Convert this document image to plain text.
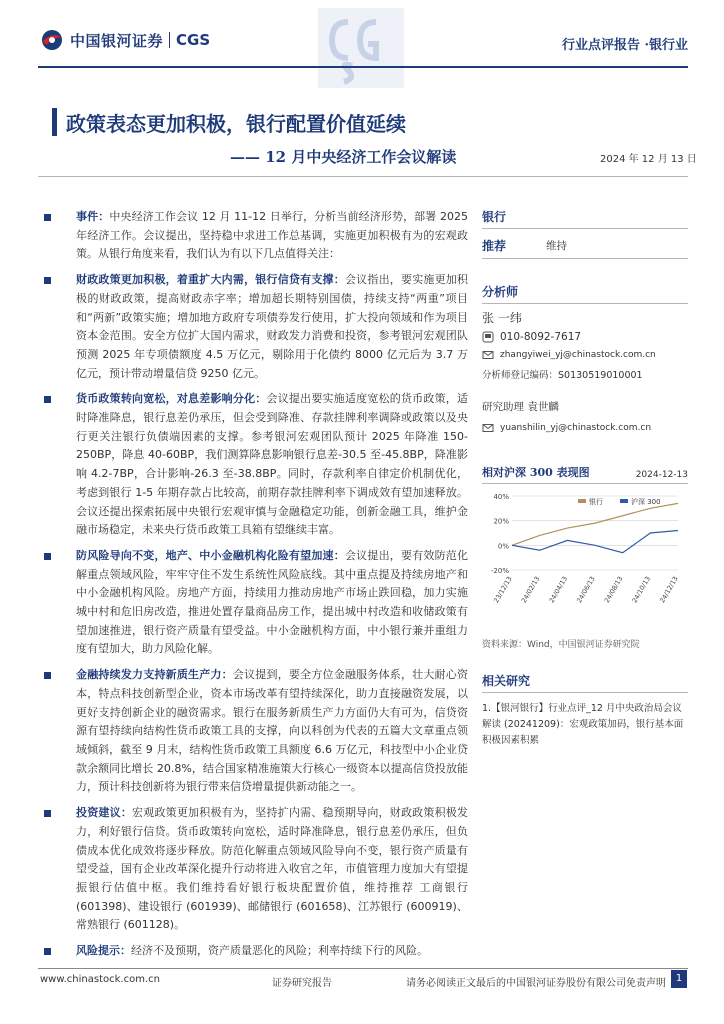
中国银河证券 CGS	行业点评报告 ·银行业
政策表态更加积极，银行配置价值延续
—— 12 月中央经济工作会议解读	2024 年 12 月 13 日
事件：中央经济工作会议 12 月 11-12 日举行，分析当前经济形势，部署 2025 年经济工作。会议提出，坚持稳中求进工作总基调，实施更加积极有为的宏观政策。从银行角度来看，我们认为有以下几点值得关注：
财政政策更加积极，着重扩大内需，银行信贷有支撑：会议指出，要实施更加积极的财政政策，提高财政赤字率；增加超长期特别国债，持续支持“两重”项目和“两新”政策实施；增加地方政府专项债券发行使用，扩大投向领域和作为项目资本金范围。安全方位扩大国内需求，财政发力消费和投资，参考银河宏观团队预测 2025 年专项债额度 4.5 万亿元，剔除用于化债约 8000 亿元后为 3.7 万亿元，预计带动增量信贷 9250 亿元。
货币政策转向宽松，对息差影响分化：会议提出要实施适度宽松的货币政策，适时降准降息，银行息差仍承压，但会受到降准、存款挂牌利率调降或政策以及央行更关注银行负债端因素的支撑。参考银河宏观团队预计 2025 年降准 150-250BP，降息 40-60BP，我们测算降息影响银行息差-30.5 至-45.8BP，降准影响 4.2-7BP，合计影响-26.3 至-38.8BP。同时，存款利率自律定价机制优化，考虑到银行 1-5 年期存款占比较高，前期存款挂牌利率下调成效有望加速释放。会议还提出探索拓展中央银行宏观审慎与金融稳定功能，创新金融工具，维护金融市场稳定，未来央行货币政策工具箱有望继续丰富。
防风险导向不变，地产、中小金融机构化险有望加速：会议提出，要有效防范化解重点领域风险，牢牢守住不发生系统性风险底线。其中重点提及持续房地产和中小金融机构风险。房地产方面，持续用力推动房地产市场止跌回稳，加力实施城中村和危旧房改造，推进处置存量商品房工作，提出城中村改造和收储政策有望加速推进，银行资产质量有望受益。中小金融机构方面，中小银行兼并重组力度有望加大，助力风险化解。
金融持续发力支持新质生产力：会议提到，要全方位金融服务体系，壮大耐心资本，特点科技创新型企业，资本市场改革有望持续深化，助力直接融资发展，以更好支持创新企业的融资需求。银行在服务新质生产力方面仍大有可为，信贷资源有望持续向结构性货币政策工具的支撑，向以科创为代表的五篇大文章重点领域倾斜，截至 9 月末，结构性货币政策工具额度 6.6 万亿元，科技型中小企业贷款余额同比增长 20.8%，结合国家精准施策大行核心一级资本以提高信贷投放能力，预计科技创新将为银行带来信贷增量提供新动能之一。
投资建议：宏观政策更加积极有为，坚持扩内需、稳预期导向，财政政策积极发力，利好银行信贷。货币政策转向宽松，适时降准降息，银行息差仍承压，但负债成本优化成效将逐步释放。防范化解重点领域风险导向不变，银行资产质量有望受益，国有企业改革深化提升行动将进入收官之年，市值管理力度加大有望提振银行估值中枢。我们维持看好银行板块配置价值，维持推荐 工商银行 (601398)、建设银行 (601939)、邮储银行 (601658)、江苏银行 (600919)、常熟银行 (601128)。
风险提示：经济不及预期，资产质量恶化的风险；利率持续下行的风险。
银行
推荐	维持
分析师
张 一纬
010-8092-7617
zhangyiwei_yj@chinastock.com.cn
分析师登记编码：S0130519010001
研究助理 袁世麟
yuanshilin_yj@chinastock.com.cn
相对沪深 300 表现图	2024-12-13
40%
20%
0%
-20%
23/12/13 24/02/13 24/04/13 24/06/13 24/08/13 24/10/13 24/12/13
银行	沪深 300
资料来源：Wind，中国银河证券研究院
相关研究
1.【银河银行】行业点评_12 月中央政治局会议解读 (20241209)：宏观政策加码，银行基本面积极因素积累
www.chinastock.com.cn	证券研究报告	请务必阅读正文最后的中国银河证券股份有限公司免责声明 1
